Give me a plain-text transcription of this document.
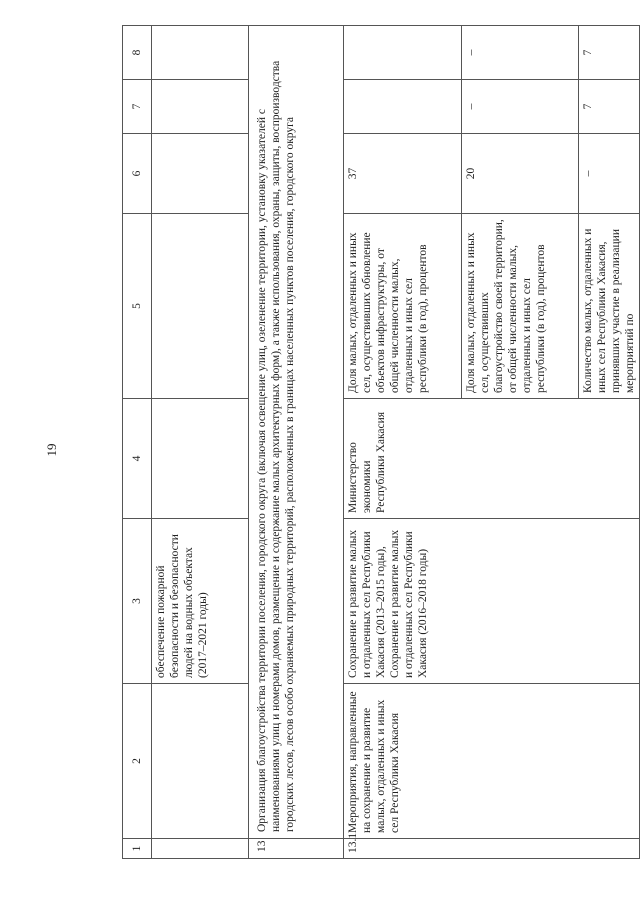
19
1	2	3	4	5	6	7	8
		обеспечение пожарной безопасности и безопасности людей на водных объектах (2017–2021 годы)					
13	Организация благоустройства территории поселения, городского округа (включая освещение улиц, озеленение территории, установку указателей с наименованиями улиц и номерами домов, размещение и содержание малых архитектурных форм), а также использования, охраны, защиты, воспроизводства городских лесов, лесов особо охраняемых природных территорий, расположенных в границах населенных пунктов поселения, городского округа						
13.1	Мероприятия, направленные на сохранение и развитие малых, отдаленных и иных сел Республики Хакасия	Сохранение и развитие малых и отдаленных сел Республики Хакасия (2013–2015 годы), Сохранение и развитие малых и отдаленных сел Республики Хакасия (2016–2018 годы)	Министерство экономики Республики Хакасия	Доля малых, отдаленных и иных сел, осуществивших обновление объектов инфраструктуры, от общей численности малых, отдаленных и иных сел республики (в год), процентов	37		
				Доля малых, отдаленных и иных сел, осуществивших благоустройство своей территории, от общей численности малых, отдаленных и иных сел республики (в год), процентов	20	–	–
				Количество малых, отдаленных и иных сел Республики Хакасия, принявших участие в реализации мероприятий по	–	7	7
